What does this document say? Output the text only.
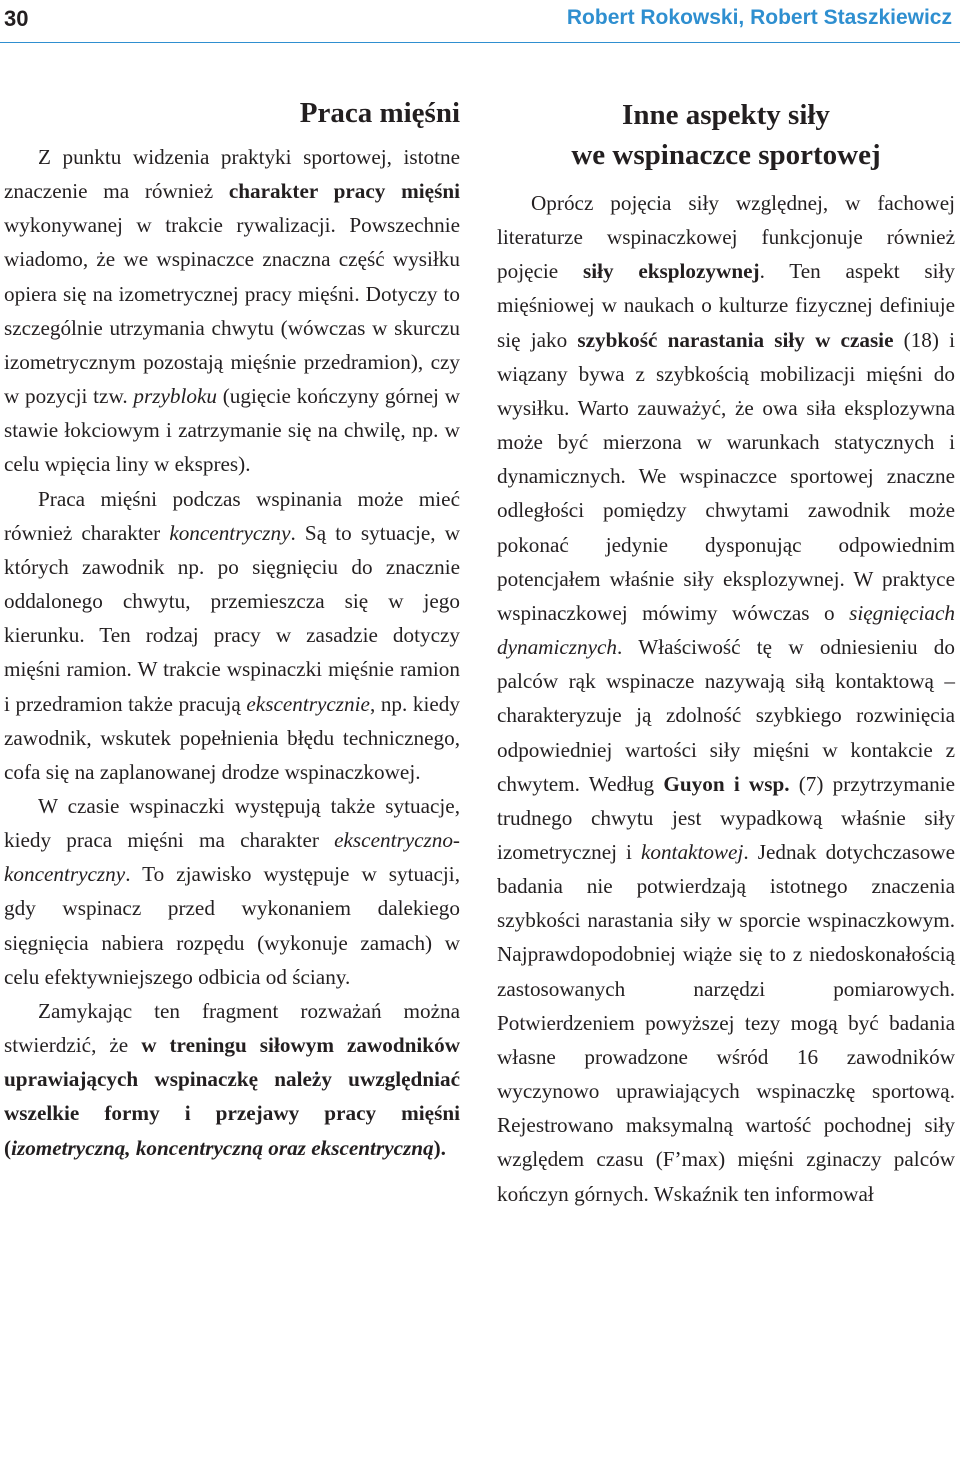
30	Robert Rokowski, Robert Staszkiewicz
Praca mięśni

Z punktu widzenia praktyki sportowej, istotne znaczenie ma również charakter pracy mięśni wykonywanej w trakcie rywalizacji. Powszechnie wiadomo, że we wspinaczce znaczna część wysiłku opiera się na izometrycznej pracy mięśni. Dotyczy to szczególnie utrzymania chwytu (wówczas w skurczu izometrycznym pozostają mięśnie przedramion), czy w pozycji tzw. przybloku (ugięcie kończyny górnej w stawie łokciowym i zatrzymanie się na chwilę, np. w celu wpięcia liny w ekspres).

Praca mięśni podczas wspinania może mieć również charakter koncentryczny. Są to sytuacje, w których zawodnik np. po sięgnięciu do znacznie oddalonego chwytu, przemieszcza się w jego kierunku. Ten rodzaj pracy w zasadzie dotyczy mięśni ramion. W trakcie wspinaczki mięśnie ramion i przedramion także pracują ekscentrycznie, np. kiedy zawodnik, wskutek popełnienia błędu technicznego, cofa się na zaplanowanej drodze wspinaczkowej.

W czasie wspinaczki występują także sytuacje, kiedy praca mięśni ma charakter ekscentryczno-koncentryczny. To zjawisko występuje w sytuacji, gdy wspinacz przed wykonaniem dalekiego sięgnięcia nabiera rozpędu (wykonuje zamach) w celu efektywniejszego odbicia od ściany.

Zamykając ten fragment rozważań można stwierdzić, że w treningu siłowym zawodników uprawiających wspinaczkę należy uwzględniać wszelkie formy i przejawy pracy mięśni (izometryczną, koncentryczną oraz ekscentryczną).

Inne aspekty siły
we wspinaczce sportowej

Oprócz pojęcia siły względnej, w fachowej literaturze wspinaczkowej funkcjonuje również pojęcie siły eksplozywnej. Ten aspekt siły mięśniowej w naukach o kulturze fizycznej definiuje się jako szybkość narastania siły w czasie (18) i wiązany bywa z szybkością mobilizacji mięśni do wysiłku. Warto zauważyć, że owa siła eksplozywna może być mierzona w warunkach statycznych i dynamicznych. We wspinaczce sportowej znaczne odległości pomiędzy chwytami zawodnik może pokonać jedynie dysponując odpowiednim potencjałem właśnie siły eksplozywnej. W praktyce wspinaczkowej mówimy wówczas o sięgnięciach dynamicznych. Właściwość tę w odniesieniu do palców rąk wspinacze nazywają siłą kontaktową – charakteryzuje ją zdolność szybkiego rozwinięcia odpowiedniej wartości siły mięśni w kontakcie z chwytem. Według Guyon i wsp. (7) przytrzymanie trudnego chwytu jest wypadkową właśnie siły izometrycznej i kontaktowej. Jednak dotychczasowe badania nie potwierdzają istotnego znaczenia szybkości narastania siły w sporcie wspinaczkowym. Najprawdopodobniej wiąże się to z niedoskonałością zastosowanych narzędzi pomiarowych. Potwierdzeniem powyższej tezy mogą być badania własne prowadzone wśród 16 zawodników wyczynowo uprawiających wspinaczkę sportową. Rejestrowano maksymalną wartość pochodnej siły względem czasu (F’max) mięśni zginaczy palców kończyn górnych. Wskaźnik ten informował
